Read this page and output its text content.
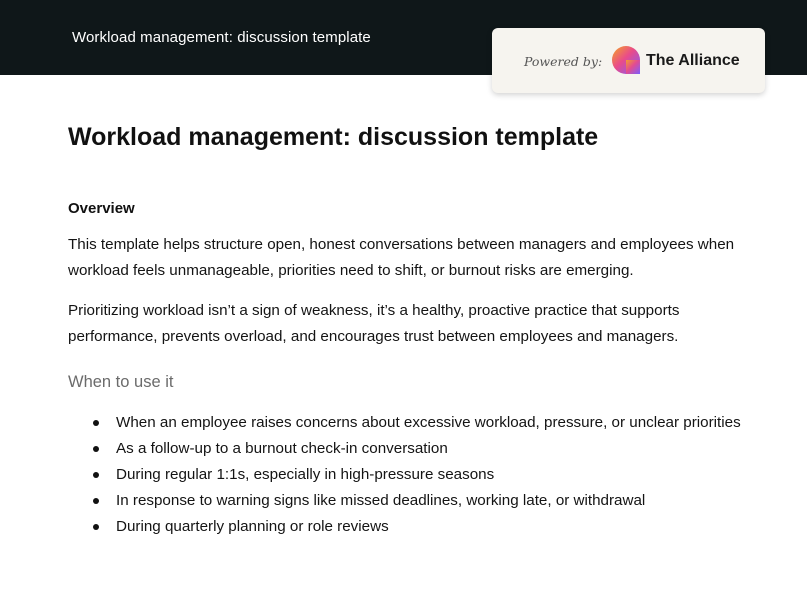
Workload management: discussion template
Powered by:	The Alliance
Workload management: discussion template
Overview

This template helps structure open, honest conversations between managers and employees when workload feels unmanageable, priorities need to shift, or burnout risks are emerging.

Prioritizing workload isn’t a sign of weakness, it’s a healthy, proactive practice that supports performance, prevents overload, and encourages trust between employees and managers.

When to use it
When an employee raises concerns about excessive workload, pressure, or unclear priorities
As a follow-up to a burnout check-in conversation
During regular 1:1s, especially in high-pressure seasons
In response to warning signs like missed deadlines, working late, or withdrawal
During quarterly planning or role reviews
